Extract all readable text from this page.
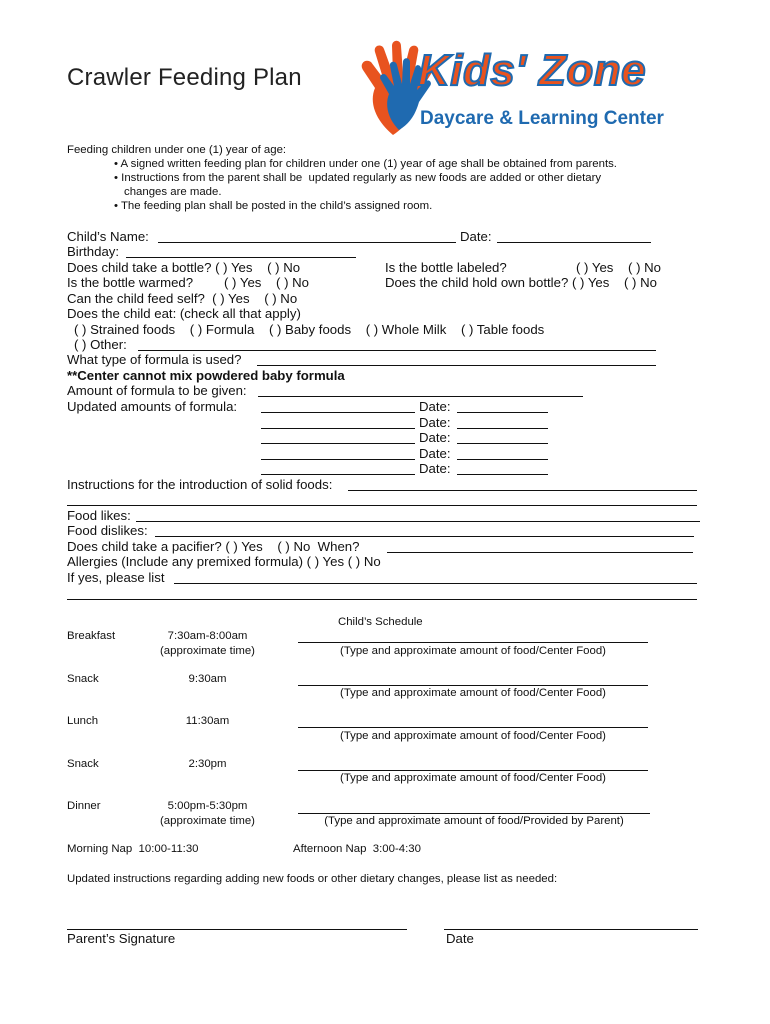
Crawler Feeding Plan	Kids' Zone
Daycare & Learning Center
Feeding children under one (1) year of age:
• A signed written feeding plan for children under one (1) year of age shall be obtained from parents.
• Instructions from the parent shall be  updated regularly as new foods are added or other dietary
changes are made.
• The feeding plan shall be posted in the child’s assigned room.
Child’s Name:	Date:
Birthday:
Does child take a bottle? ( ) Yes    ( ) No	Is the bottle labeled?	( ) Yes    ( ) No
Is the bottle warmed? ( ) Yes    ( ) No	Does the child hold own bottle? ( ) Yes    ( ) No
Can the child feed self?  ( ) Yes    ( ) No
Does the child eat: (check all that apply)
( ) Strained foods    ( ) Formula    ( ) Baby foods    ( ) Whole Milk    ( ) Table foods
( ) Other:
What type of formula is used?
**Center cannot mix powdered baby formula
Amount of formula to be given:
Updated amounts of formula:	Date:
Date:
Date:
Date:
Date:
Instructions for the introduction of solid foods:
Food likes:
Food dislikes:
Does child take a pacifier? ( ) Yes    ( ) No  When?
Allergies (Include any premixed formula) ( ) Yes ( ) No
If yes, please list
Child’s Schedule
Breakfast	7:30am-8:00am
(approximate time)	(Type and approximate amount of food/Center Food)
Snack	9:30am
(Type and approximate amount of food/Center Food)
Lunch	11:30am
(Type and approximate amount of food/Center Food)
Snack	2:30pm
(Type and approximate amount of food/Center Food)
Dinner	5:00pm-5:30pm
(approximate time)	(Type and approximate amount of food/Provided by Parent)
Morning Nap  10:00-11:30	Afternoon Nap  3:00-4:30
Updated instructions regarding adding new foods or other dietary changes, please list as needed:
Parent’s Signature	Date
